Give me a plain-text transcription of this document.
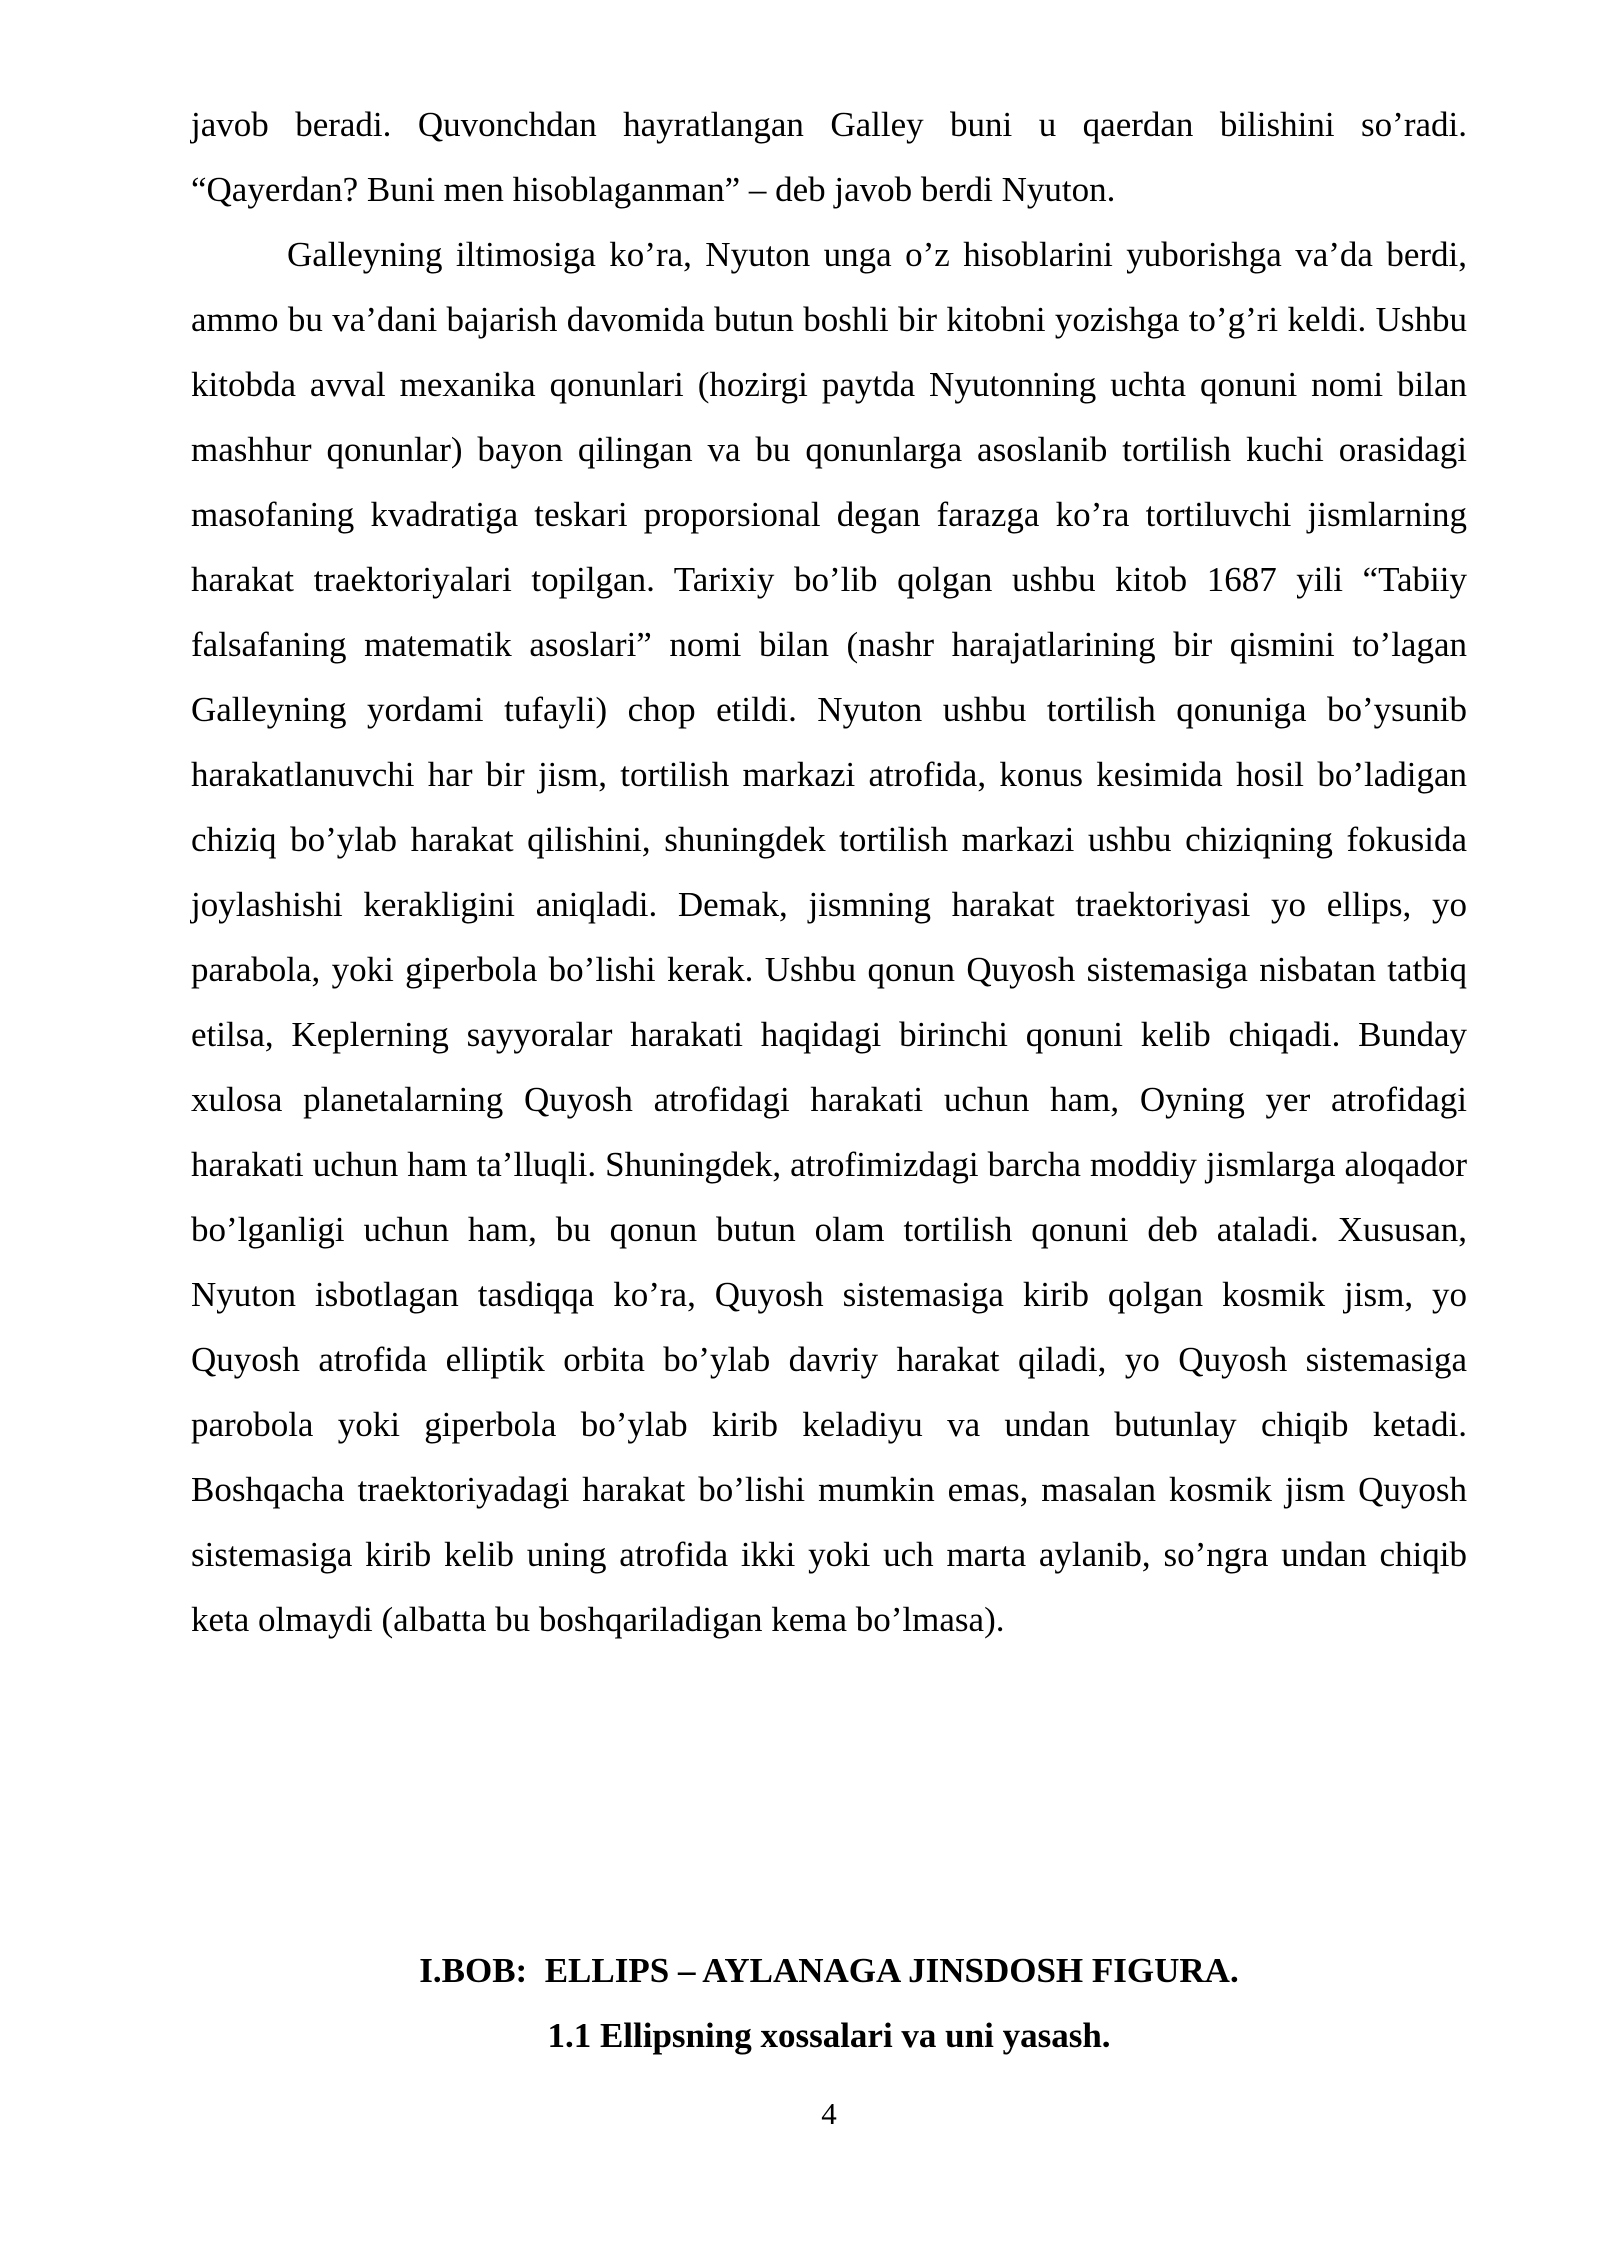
javob beradi. Quvonchdan hayratlangan Galley buni u qaerdan bilishini so’radi. “Qayerdan? Buni men hisoblaganman” – deb javob berdi Nyuton.

Galleyning iltimosiga ko’ra, Nyuton unga o’z hisoblarini yuborishga va’da berdi, ammo bu va’dani bajarish davomida butun boshli bir kitobni yozishga to’g’ri keldi. Ushbu kitobda avval mexanika qonunlari (hozirgi paytda Nyutonning uchta qonuni nomi bilan mashhur qonunlar) bayon qilingan va bu qonunlarga asoslanib tortilish kuchi orasidagi masofaning kvadratiga teskari proporsional degan farazga ko’ra tortiluvchi jismlarning harakat traektoriyalari topilgan. Tarixiy bo’lib qolgan ushbu kitob 1687 yili “Tabiiy falsafaning matematik asoslari” nomi bilan (nashr harajatlarining bir qismini to’lagan Galleyning yordami tufayli) chop etildi. Nyuton ushbu tortilish qonuniga bo’ysunib harakatlanuvchi har bir jism, tortilish markazi atrofida, konus kesimida hosil bo’ladigan chiziq bo’ylab harakat qilishini, shuningdek tortilish markazi ushbu chiziqning fokusida joylashishi kerakligini aniqladi. Demak, jismning harakat traektoriyasi yo ellips, yo parabola, yoki giperbola bo’lishi kerak. Ushbu qonun Quyosh sistemasiga nisbatan tatbiq etilsa, Keplerning sayyoralar harakati haqidagi birinchi qonuni kelib chiqadi. Bunday xulosa planetalarning Quyosh atrofidagi harakati uchun ham, Oyning yer atrofidagi harakati uchun ham ta’lluqli. Shuningdek, atrofimizdagi barcha moddiy jismlarga aloqador bo’lganligi uchun ham, bu qonun butun olam tortilish qonuni deb ataladi. Xususan, Nyuton isbotlagan tasdiqqa ko’ra, Quyosh sistemasiga kirib qolgan kosmik jism, yo Quyosh atrofida elliptik orbita bo’ylab davriy harakat qiladi, yo Quyosh sistemasiga parobola yoki giperbola bo’ylab kirib keladiyu va undan butunlay chiqib ketadi. Boshqacha traektoriyadagi harakat bo’lishi mumkin emas, masalan kosmik jism Quyosh sistemasiga kirib kelib uning atrofida ikki yoki uch marta aylanib, so’ngra undan chiqib keta olmaydi (albatta bu boshqariladigan kema bo’lmasa).

I.BOB:  ELLIPS – AYLANAGA JINSDOSH FIGURA.
1.1 Ellipsning xossalari va uni yasash.
4
